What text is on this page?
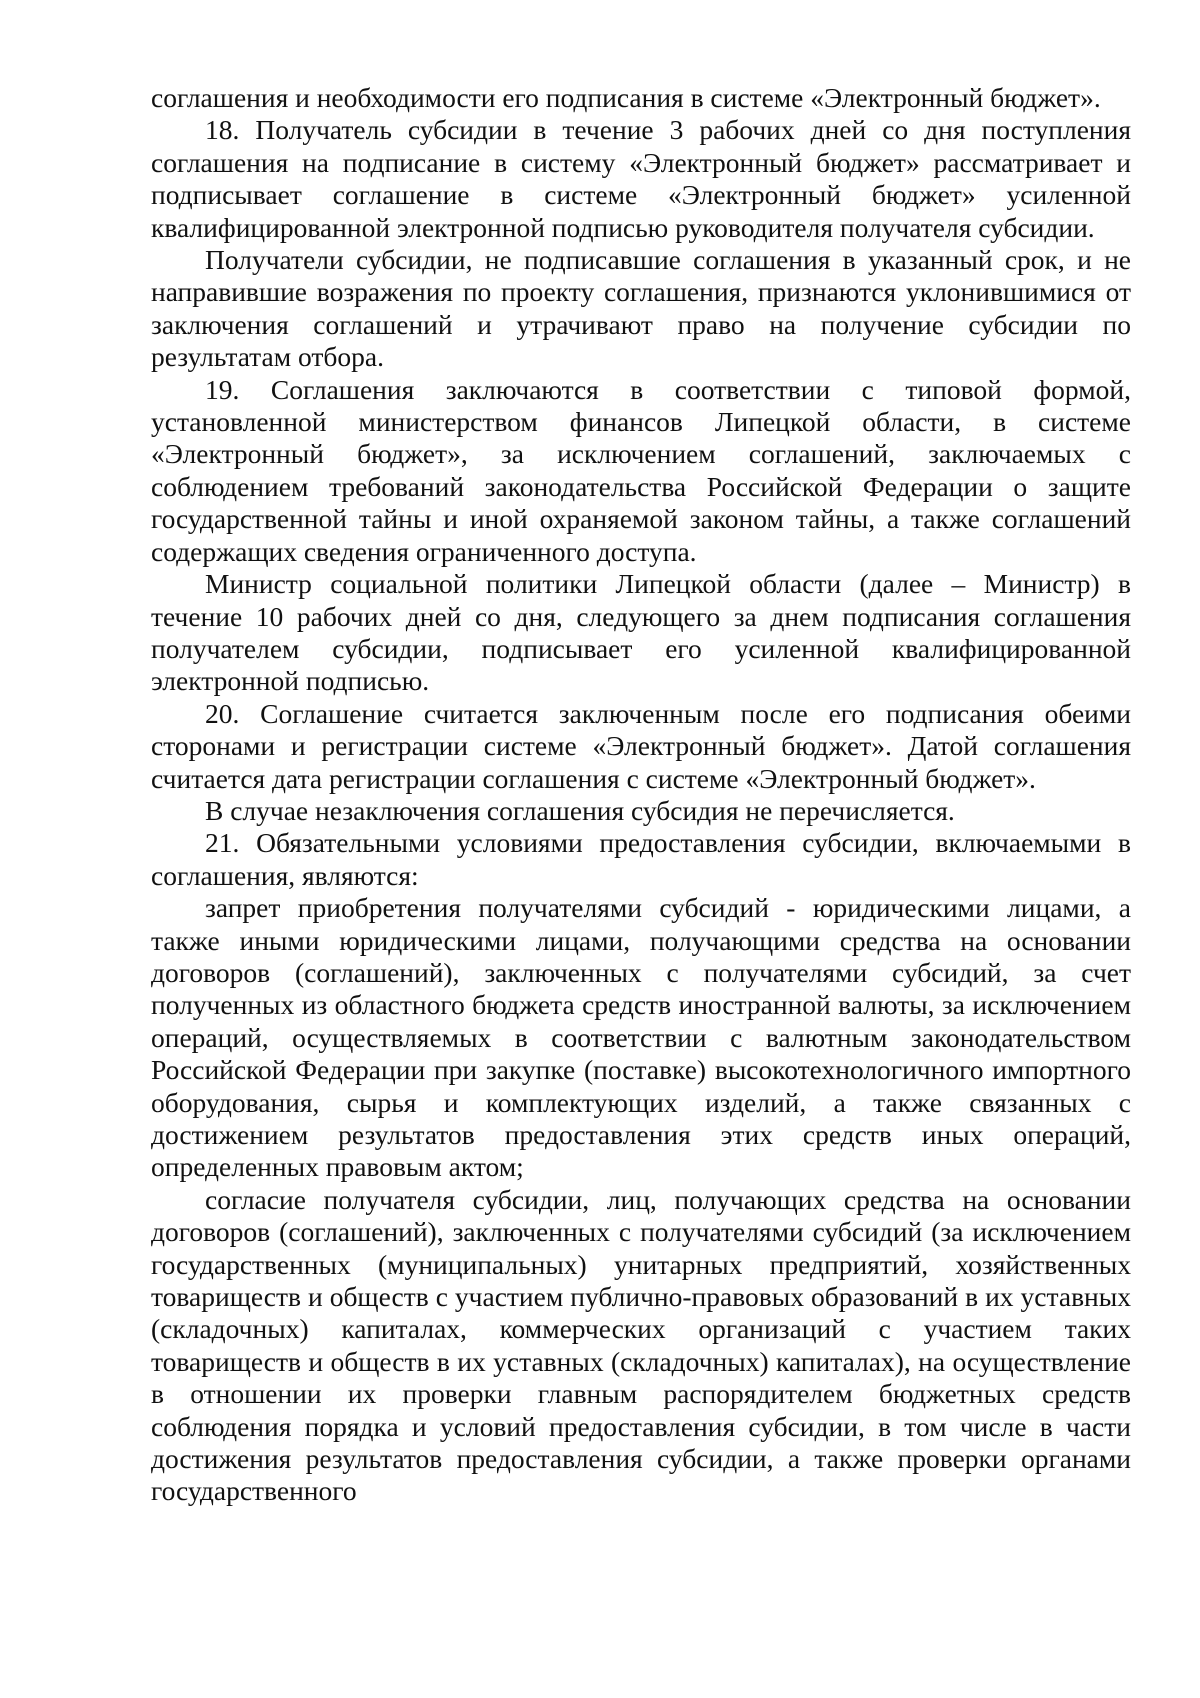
соглашения и необходимости его подписания в системе «Электронный бюджет».

18. Получатель субсидии в течение 3 рабочих дней со дня поступления соглашения на подписание в систему «Электронный бюджет» рассматривает и подписывает соглашение в системе «Электронный бюджет» усиленной квалифицированной электронной подписью руководителя получателя субсидии.

Получатели субсидии, не подписавшие соглашения в указанный срок, и не направившие возражения по проекту соглашения, признаются уклонившимися от заключения соглашений и утрачивают право на получение субсидии по результатам отбора.

19. Соглашения заключаются в соответствии с типовой формой, установленной министерством финансов Липецкой области, в системе «Электронный бюджет», за исключением соглашений, заключаемых с соблюдением требований законодательства Российской Федерации о защите государственной тайны и иной охраняемой законом тайны, а также соглашений содержащих сведения ограниченного доступа.

Министр социальной политики Липецкой области (далее – Министр) в течение 10 рабочих дней со дня, следующего за днем подписания соглашения получателем субсидии, подписывает его усиленной квалифицированной электронной подписью.

20. Соглашение считается заключенным после его подписания обеими сторонами и регистрации системе «Электронный бюджет». Датой соглашения считается дата регистрации соглашения с системе «Электронный бюджет».

В случае незаключения соглашения субсидия не перечисляется.

21. Обязательными условиями предоставления субсидии, включаемыми в соглашения, являются:

запрет приобретения получателями субсидий - юридическими лицами, а также иными юридическими лицами, получающими средства на основании договоров (соглашений), заключенных с получателями субсидий, за счет полученных из областного бюджета средств иностранной валюты, за исключением операций, осуществляемых в соответствии с валютным законодательством Российской Федерации при закупке (поставке) высокотехнологичного импортного оборудования, сырья и комплектующих изделий, а также связанных с достижением результатов предоставления этих средств иных операций, определенных правовым актом;

согласие получателя субсидии, лиц, получающих средства на основании договоров (соглашений), заключенных с получателями субсидий (за исключением государственных (муниципальных) унитарных предприятий, хозяйственных товариществ и обществ с участием публично-правовых образований в их уставных (складочных) капиталах, коммерческих организаций с участием таких товариществ и обществ в их уставных (складочных) капиталах), на осуществление в отношении их проверки главным распорядителем бюджетных средств соблюдения порядка и условий предоставления субсидии, в том числе в части достижения результатов предоставления субсидии, а также проверки органами государственного
